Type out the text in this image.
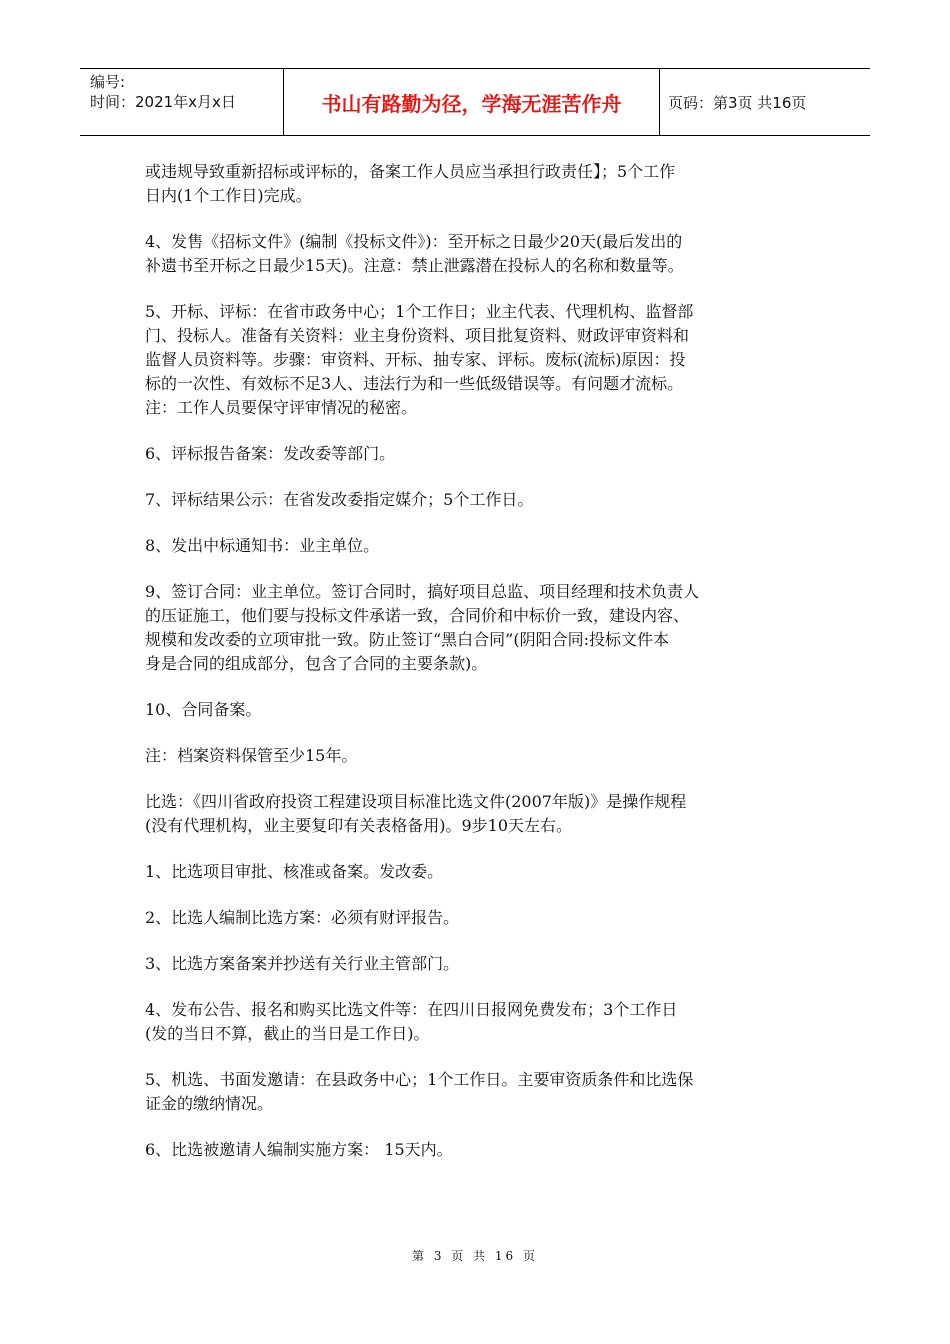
编号:
时间：2021年x月x日	书山有路勤为径，学海无涯苦作舟	页码：第3页 共16页

或违规导致重新招标或评标的，备案工作人员应当承担行政责任】；5个工作
日内(1个工作日)完成。

4、发售《招标文件》(编制《投标文件》)：至开标之日最少20天(最后发出的
补遗书至开标之日最少15天)。注意：禁止泄露潜在投标人的名称和数量等。

5、开标、评标：在省市政务中心；1个工作日；业主代表、代理机构、监督部
门、投标人。准备有关资料：业主身份资料、项目批复资料、财政评审资料和
监督人员资料等。步骤：审资料、开标、抽专家、评标。废标(流标)原因：投
标的一次性、有效标不足3人、违法行为和一些低级错误等。有问题才流标。
注：工作人员要保守评审情况的秘密。

6、评标报告备案：发改委等部门。

7、评标结果公示：在省发改委指定媒介；5个工作日。

8、发出中标通知书：业主单位。

9、签订合同：业主单位。签订合同时，搞好项目总监、项目经理和技术负责人
的压证施工，他们要与投标文件承诺一致，合同价和中标价一致，建设内容、
规模和发改委的立项审批一致。防止签订“黑白合同”(阴阳合同:投标文件本
身是合同的组成部分，包含了合同的主要条款)。

10、合同备案。

注：档案资料保管至少15年。

比选：《四川省政府投资工程建设项目标准比选文件(2007年版)》是操作规程
(没有代理机构，业主要复印有关表格备用)。9步10天左右。

1、比选项目审批、核准或备案。发改委。

2、比选人编制比选方案：必须有财评报告。

3、比选方案备案并抄送有关行业主管部门。

4、发布公告、报名和购买比选文件等：在四川日报网免费发布；3个工作日
(发的当日不算，截止的当日是工作日)。

5、机选、书面发邀请：在县政务中心；1个工作日。主要审资质条件和比选保
证金的缴纳情况。

6、比选被邀请人编制实施方案： 15天内。

第 3 页 共 16 页
